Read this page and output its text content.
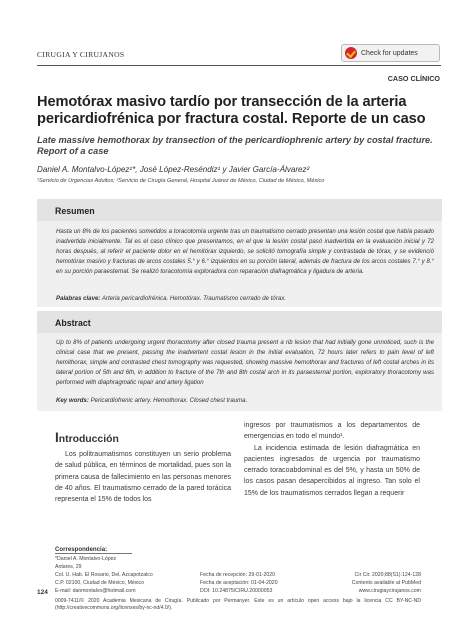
CIRUGIA Y CIRUJANOS	Check for updates
CASO CLÍNICO
Hemotórax masivo tardío por transección de la arteria pericardiofrénica por fractura costal. Reporte de un caso
Late massive hemothorax by transection of the pericardiophrenic artery by costal fracture. Report of a case
Daniel A. Montalvo-López¹*, José López-Reséndiz¹ y Javier García-Álvarez²
¹Servicio de Urgencias Adultos; ²Servicio de Cirugía General, Hospital Juárez de México, Ciudad de México, México
Resumen
Hasta un 8% de los pacientes sometidos a toracotomía urgente tras un traumatismo cerrado presentan una lesión costal que había pasado inadvertida inicialmente. Tal es el caso clínico que presentamos, en el que la lesión costal pasó inadvertida en la evaluación inicial y 72 horas después, al referir el paciente dolor en el hemitórax izquierdo, se solicitó tomografía simple y contrastada de tórax, y se evidenció hemotórax masivo y fracturas de arcos costales 5.° y 6.° izquierdos en su porción lateral, además de fractura de los arcos costales 7.° y 8.° en su porción paraesternal. Se realizó toracotomía exploradora con reparación diafragmática y ligadura de arteria.
Palabras clave: Arteria pericardiofrénica. Hemotórax. Traumatismo cerrado de tórax.
Abstract
Up to 8% of patients undergoing urgent thoracotomy after closed trauma present a rib lesion that had initially gone unnoticed, such is the clinical case that we present, passing the inadvertent costal lesion in the initial evaluation, 72 hours later refers to pain level of left hemithorax, simple and contrasted chest tomography was requested, showing massive hemothorax and fractures of left costal arches in its lateral portion of 5th and 6th, in addition to fracture of the 7th and 8th costal arch in its paraesternal portion, exploratory thoracotomy was performed with diaphragmatic repair and artery ligation
Key words: Pericardiofrenic artery. Hemothorax. Closed chest trauma.
Introducción
Los politraumatismos constituyen un serio problema de salud pública, en términos de mortalidad, pues son la primera causa de fallecimiento en las personas menores de 40 años. El traumatismo cerrado de la pared torácica representa el 15% de todos los

ingresos por traumatismos a los departamentos de emergencias en todo el mundo¹.

La incidencia estimada de lesión diafragmática en pacientes ingresados de urgencia por traumatismo cerrado toracoabdominal es del 5%, y hasta un 50% de los casos pasan desapercibidos al ingreso. Tan solo el 15% de los traumatismos cerrados llegan a requerir

Correspondencia:
*Daniel A. Montalvo-López
Antares, 29
Col. U. Hab. El Rosario, Del. Azcapotzalco
C.P. 02100, Ciudad de México, México
E-mail: danmontalvo@hotmail.com
Fecha de recepción: 29-01-2020
Fecha de aceptación: 01-04-2020
DOI: 10.24875/CIRU.20000053
Cir Cir. 2020;88(S1):124-128
Contents available at PubMed
www.cirugiaycirujanos.com
124
0009-7411/© 2020 Academia Mexicana de Cirugía. Publicado por Permanyer. Este es un artículo open access bajo la licencia CC BY-NC-ND (http://creativecommons.org/licenses/by-nc-nd/4.0/).
